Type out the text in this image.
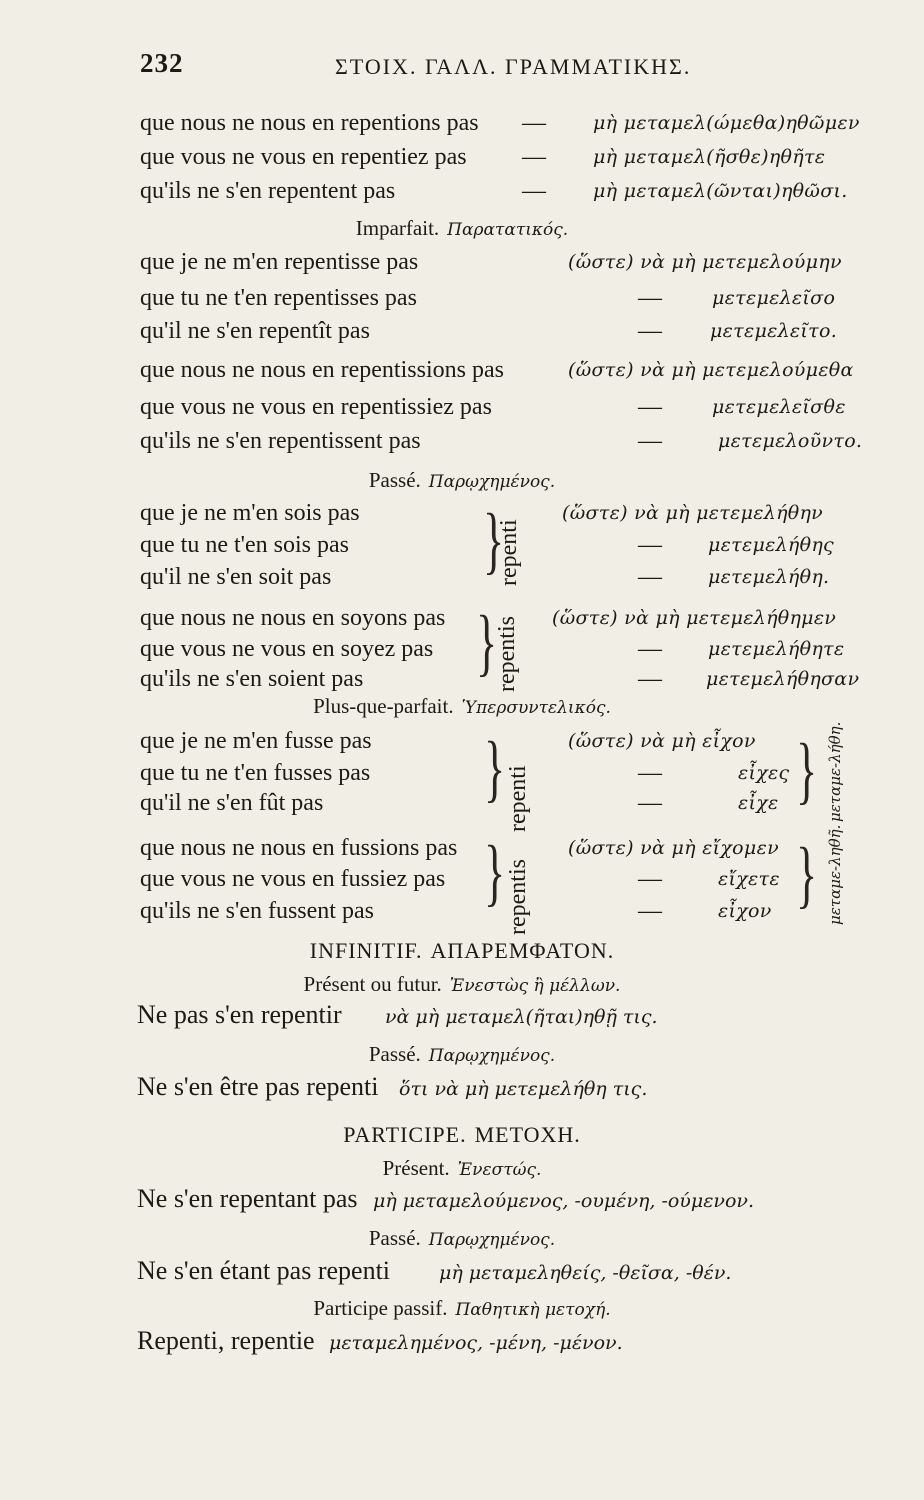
232	ΣΤΟΙΧ. ΓΑΛΛ. ΓΡΑΜΜΑΤΙΚΗΣ.
que nous ne nous en repentions pas — μὴ μεταμελ(ώμεθα)ηθῶμεν
que vous ne vous en repentiez pas — μὴ μεταμελ(ῆσθε)ηθῆτε
qu'ils ne s'en repentent pas	— μὴ μεταμελ(ῶνται)ηθῶσι.
Imparfait. Παρατατικός.
que je ne m'en repentisse pas	(ὥστε) νὰ μὴ μετεμελούμην
que tu ne t'en repentisses pas	—	μετεμελεῖσο
qu'il ne s'en repentît pas	—	μετεμελεῖτο.
que nous ne nous en repentissions pas	(ὥστε) νὰ μὴ μετεμελούμεθα
que vous ne vous en repentissiez pas	—	μετεμελεῖσθε
qu'ils ne s'en repentissent pas	—	μετεμελοῦντο.
Passé. Παρῳχημένος.
que je ne m'en sois pas	(ὥστε) νὰ μὴ μετεμελήθην
que tu ne t'en sois pas	— μετεμελήθης
qu'il ne s'en soit pas	— μετεμελήθη.
}
repenti
que nous ne nous en soyons pas	(ὥστε) νὰ μὴ μετεμελήθημεν
que vous ne vous en soyez pas	— μετεμελήθητε
qu'ils ne s'en soient pas	— μετεμελήθησαν
}
repentis
Plus-que-parfait. Ὑπερσυντελικός.
que je ne m'en fusse pas	(ὥστε) νὰ μὴ εἶχον
que tu ne t'en fusses pas	—	εἶχες
qu'il ne s'en fût pas	—	εἶχε
} repenti	} μεταμε-λήθη.
que nous ne nous en fussions pas	(ὥστε) νὰ μὴ εἴχομεν
que vous ne vous en fussiez pas	—	εἴχετε
qu'ils ne s'en fussent pas	—	εἶχον
} repentis	} μεταμε-ληθῆ.
INFINITIF. ΑΠΑΡΕΜΦΑΤΟΝ.
Présent ou futur. Ἐνεστὼς ἢ μέλλων.
Ne pas s'en repentir νὰ μὴ μεταμελ(ῆται)ηθῇ τις.
Passé. Παρῳχημένος.
Ne s'en être pas repenti ὅτι νὰ μὴ μετεμελήθη τις.
PARTICIPE. ΜΕΤΟΧΗ.
Présent. Ἐνεστώς.
Ne s'en repentant pas μὴ μεταμελούμενος, -ουμένη, -ούμενον.
Passé. Παρῳχημένος.
Ne s'en étant pas repenti	μὴ μεταμεληθείς, -θεῖσα, -θέν.
Participe passif. Παθητικὴ μετοχή.
Repenti, repentie μεταμελημένος, -μένη, -μένον.
